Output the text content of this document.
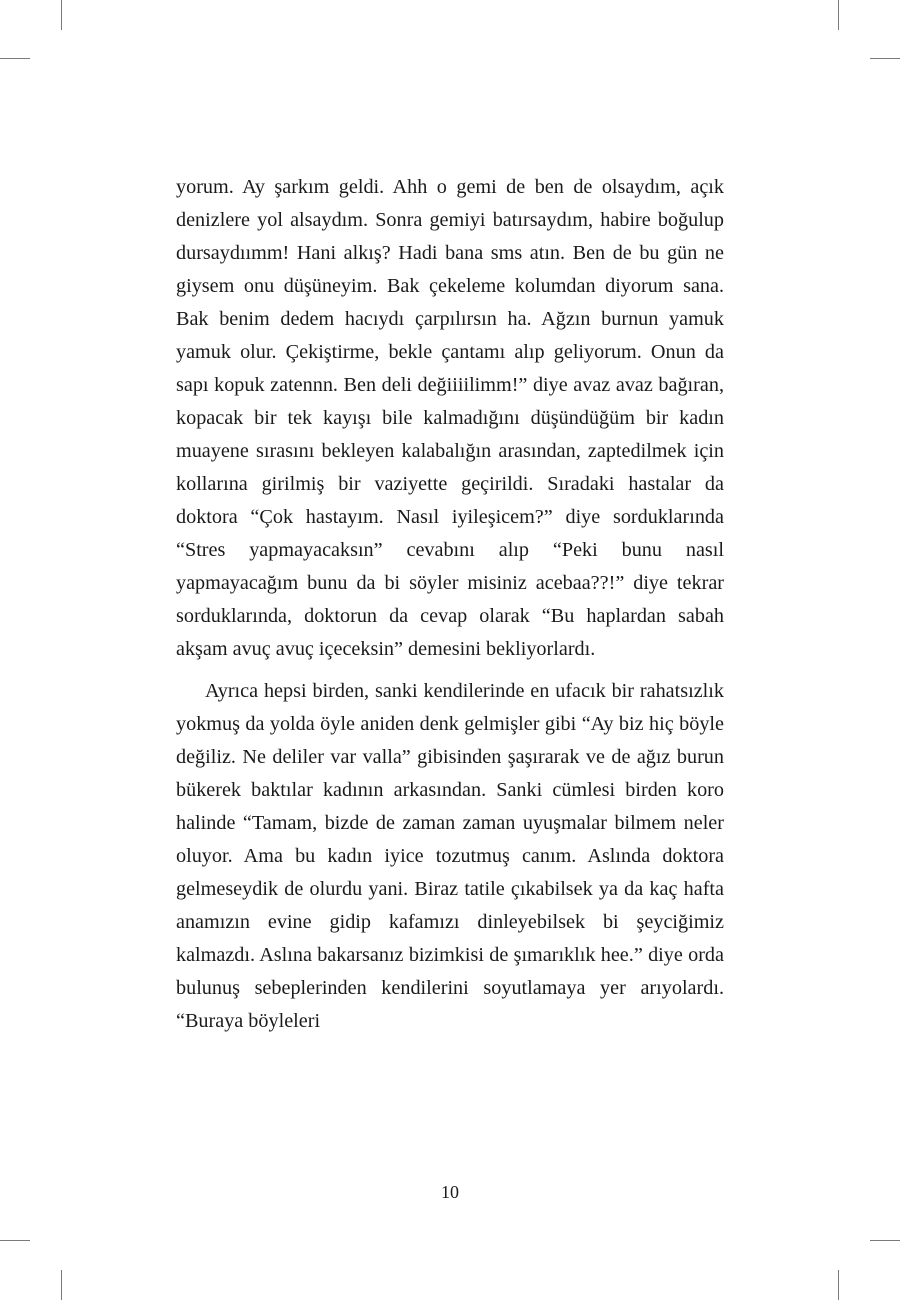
yorum. Ay şarkım geldi. Ahh o gemi de ben de olsaydım, açık denizlere yol alsaydım. Sonra gemiyi batırsaydım, habire boğulup dursaydıımm! Hani alkış? Hadi bana sms atın. Ben de bu gün ne giysem onu düşüneyim. Bak çekeleme kolumdan diyorum sana. Bak benim dedem hacıydı çarpılırsın ha. Ağzın burnun yamuk yamuk olur. Çekiştirme, bekle çantamı alıp geliyorum. Onun da sapı kopuk zatennn. Ben deli değiiiilimm!” diye avaz avaz bağıran, kopacak bir tek kayışı bile kalmadığını düşündüğüm bir kadın muayene sırasını bekleyen kalabalığın arasından, zaptedilmek için kollarına girilmiş bir vaziyette geçirildi. Sıradaki hastalar da doktora “Çok hastayım. Nasıl iyileşicem?” diye sorduklarında “Stres yapmayacaksın” cevabını alıp “Peki bunu nasıl yapmayacağım bunu da bi söyler misiniz acebaa??!” diye tekrar sorduklarında, doktorun da cevap olarak “Bu haplardan sabah akşam avuç avuç içeceksin” demesini bekliyorlardı.

Ayrıca hepsi birden, sanki kendilerinde en ufacık bir rahatsızlık yokmuş da yolda öyle aniden denk gelmişler gibi “Ay biz hiç böyle değiliz. Ne deliler var valla” gibisinden şaşırarak ve de ağız burun bükerek baktılar kadının arkasından. Sanki cümlesi birden koro halinde “Tamam, bizde de zaman zaman uyuşmalar bilmem neler oluyor. Ama bu kadın iyice tozutmuş canım. Aslında doktora gelmeseydik de olurdu yani. Biraz tatile çıkabilsek ya da kaç hafta anamızın evine gidip kafamızı dinleyebilsek bi şeyciğimiz kalmazdı. Aslına bakarsanız bizimkisi de şımarıklık hee.” diye orda bulunuş sebeplerinden kendilerini soyutlamaya yer arıyolardı. “Buraya böyleleri

10
